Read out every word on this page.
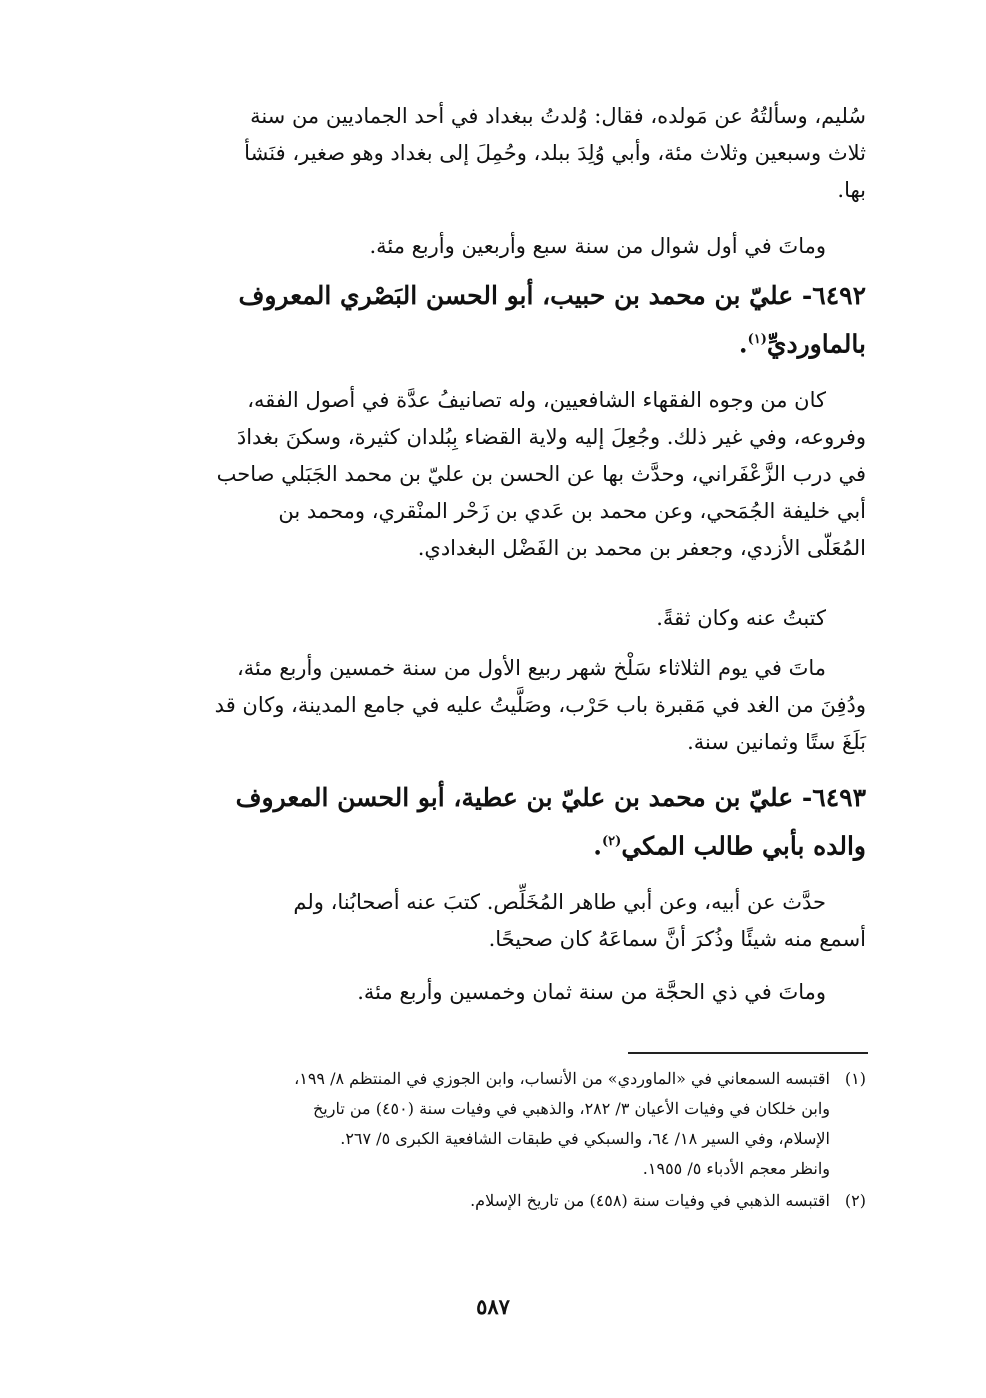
سُليم، وسألتُهُ عن مَولده، فقال: وُلدتُ ببغداد في أحد الجماديين من سنة

ثلاث وسبعين وثلاث مئة، وأبي وُلِدَ ببلد، وحُمِلَ إلى بغداد وهو صغير، فنَشأ

بها.

وماتَ في أول شوال من سنة سبع وأربعين وأربع مئة.

٦٤٩٢- عليّ بن محمد بن حبيب، أبو الحسن البَصْري المعروف
بالماورديِّ$^{(١)}$.

كان من وجوه الفقهاء الشافعيين، وله تصانيفُ عدَّة في أصول الفقه،

وفروعه، وفي غير ذلك. وجُعِلَ إليه ولاية القضاء بِبُلدان كثيرة، وسكنَ بغدادَ

في درب الزَّعْفَراني، وحدَّث بها عن الحسن بن عليّ بن محمد الجَبَلي صاحب

أبي خليفة الجُمَحي، وعن محمد بن عَدي بن زَحْر المنْقري، ومحمد بن

المُعَلّى الأزدي، وجعفر بن محمد بن الفَضْل البغدادي.

كتبتُ عنه وكان ثقةً.

ماتَ في يوم الثلاثاء سَلْخ شهر ربيع الأول من سنة خمسين وأربع مئة،

ودُفِنَ من الغد في مَقبرة باب حَرْب، وصَلَّيتُ عليه في جامع المدينة، وكان قد

بَلَغَ ستًا وثمانين سنة.

٦٤٩٣- عليّ بن محمد بن عليّ بن عطية، أبو الحسن المعروف
والده بأبي طالب المكي$^{(٢)}$.

حدَّث عن أبيه، وعن أبي طاهر المُخَلِّص. كتبَ عنه أصحابُنا، ولم

أسمع منه شيئًا وذُكرَ أنَّ سماعَهُ كان صحيحًا.

وماتَ في ذي الحجَّة من سنة ثمان وخمسين وأربع مئة.

(١)
اقتبسه السمعاني في «الماوردي» من الأنساب، وابن الجوزي في المنتظم ٨/ ١٩٩،
وابن خلكان في وفيات الأعيان ٣/ ٢٨٢، والذهبي في وفيات سنة (٤٥٠) من تاريخ
الإسلام، وفي السير ١٨/ ٦٤، والسبكي في طبقات الشافعية الكبرى ٥/ ٢٦٧.
وانظر معجم الأدباء ٥/ ١٩٥٥.
(٢)
اقتبسه الذهبي في وفيات سنة (٤٥٨) من تاريخ الإسلام.
٥٨٧
